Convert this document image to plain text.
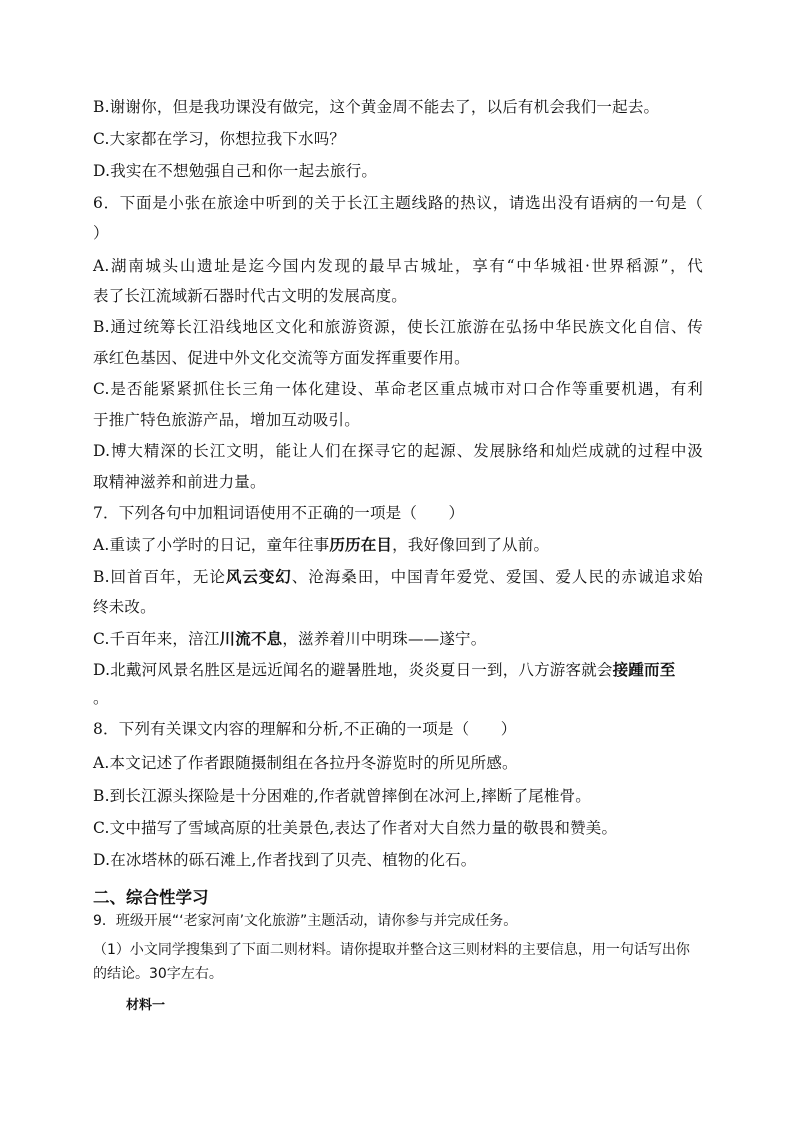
B.谢谢你，但是我功课没有做完，这个黄金周不能去了，以后有机会我们一起去。
C.大家都在学习，你想拉我下水吗？
D.我实在不想勉强自己和你一起去旅行。
6．下面是小张在旅途中听到的关于长江主题线路的热议，请选出没有语病的一句是（
）
A.湖南城头山遗址是迄今国内发现的最早古城址，享有“中华城祖·世界稻源”，代
表了长江流域新石器时代古文明的发展高度。
B.通过统筹长江沿线地区文化和旅游资源，使长江旅游在弘扬中华民族文化自信、传
承红色基因、促进中外文化交流等方面发挥重要作用。
C.是否能紧紧抓住长三角一体化建设、革命老区重点城市对口合作等重要机遇，有利
于推广特色旅游产品，增加互动吸引。
D.博大精深的长江文明，能让人们在探寻它的起源、发展脉络和灿烂成就的过程中汲
取精神滋养和前进力量。
7．下列各句中加粗词语使用不正确的一项是（　　）
A.重读了小学时的日记，童年往事历历在目，我好像回到了从前。
B.回首百年，无论风云变幻、沧海桑田，中国青年爱党、爱国、爱人民的赤诚追求始
终未改。
C.千百年来，涪江川流不息，滋养着川中明珠——遂宁。
D.北戴河风景名胜区是远近闻名的避暑胜地，炎炎夏日一到，八方游客就会接踵而至
。
8．下列有关课文内容的理解和分析,不正确的一项是（　　）
A.本文记述了作者跟随摄制组在各拉丹冬游览时的所见所感。
B.到长江源头探险是十分困难的,作者就曾摔倒在冰河上,摔断了尾椎骨。
C.文中描写了雪域高原的壮美景色,表达了作者对大自然力量的敬畏和赞美。
D.在冰塔林的砾石滩上,作者找到了贝壳、植物的化石。
二、综合性学习
9．班级开展“‘老家河南’文化旅游”主题活动，请你参与并完成任务。
（1）小文同学搜集到了下面二则材料。请你提取并整合这三则材料的主要信息，用一句话写出你
的结论。30字左右。
材料一
